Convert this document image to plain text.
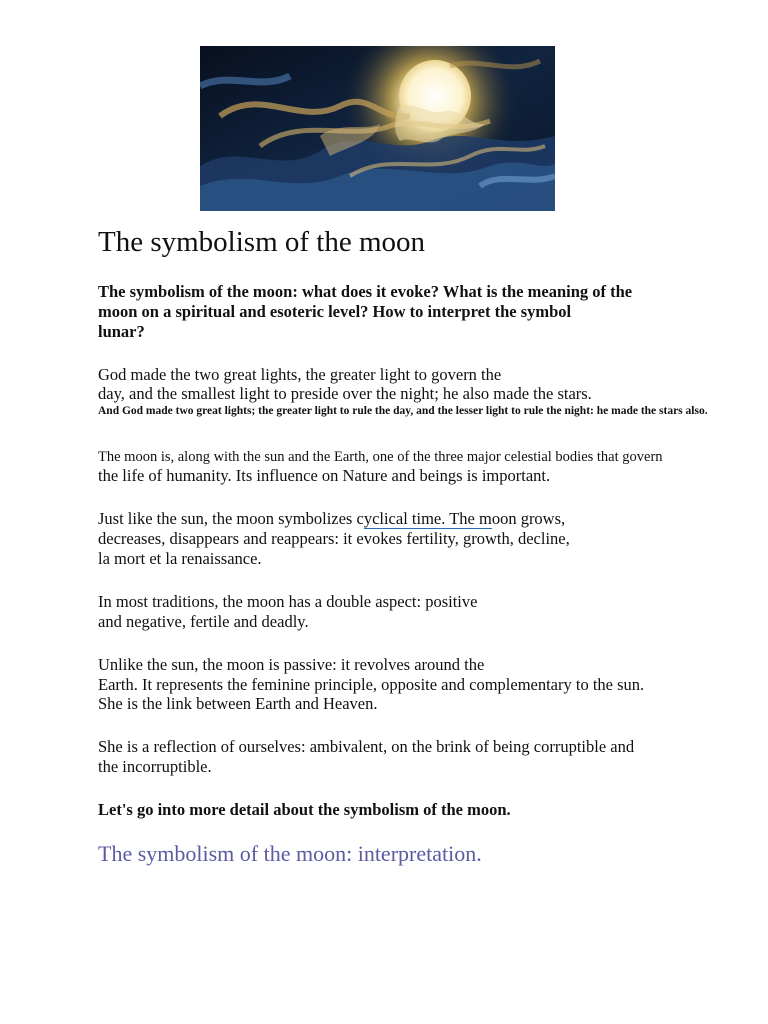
The symbolism of the moon

The symbolism of the moon: what does it evoke? What is the meaning of the

moon on a spiritual and esoteric level? How to interpret the symbol

lunar?

God made the two great lights, the greater light to govern the

day, and the smallest light to preside over the night; he also made the stars.

And God made two great lights; the greater light to rule the day, and the lesser light to rule the night: he made the stars also.

The moon is, along with the sun and the Earth, one of the three major celestial bodies that govern

the life of humanity. Its influence on Nature and beings is important.

Just like the sun, the moon symbolizes cyclical time. The moon grows,

decreases, disappears and reappears: it evokes fertility, growth, decline,

la mort et la renaissance.

In most traditions, the moon has a double aspect: positive

and negative, fertile and deadly.

Unlike the sun, the moon is passive: it revolves around the

Earth. It represents the feminine principle, opposite and complementary to the sun.

She is the link between Earth and Heaven.

She is a reflection of ourselves: ambivalent, on the brink of being corruptible and

the incorruptible.

Let's go into more detail about the symbolism of the moon.

The symbolism of the moon: interpretation.
